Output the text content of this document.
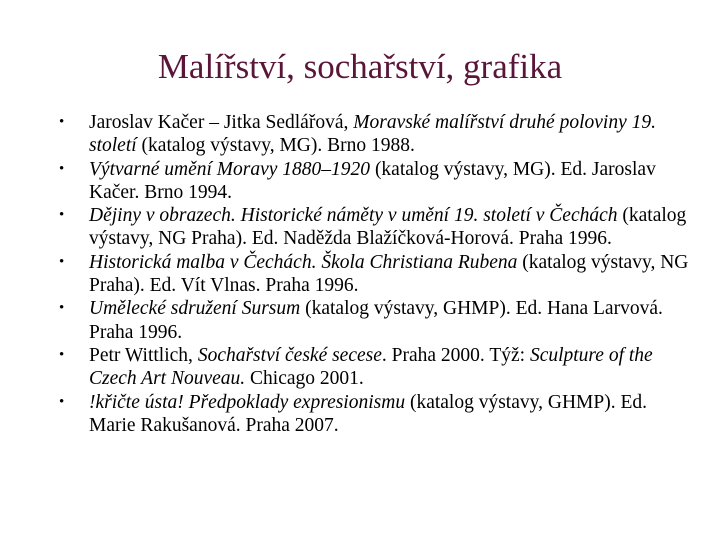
Malířství, sochařství, grafika
• Jaroslav Kačer – Jitka Sedlářová, Moravské malířství druhé poloviny 19. století (katalog výstavy, MG). Brno 1988.
• Výtvarné umění Moravy 1880–1920 (katalog výstavy, MG). Ed. Jaroslav Kačer. Brno 1994.
• Dějiny v obrazech. Historické náměty v umění 19. století v Čechách (katalog výstavy, NG Praha). Ed. Naděžda Blažíčková-Horová. Praha 1996.
• Historická malba v Čechách. Škola Christiana Rubena (katalog výstavy, NG Praha). Ed. Vít Vlnas. Praha 1996.
• Umělecké sdružení Sursum (katalog výstavy, GHMP). Ed. Hana Larvová. Praha 1996.
• Petr Wittlich, Sochařství české secese. Praha 2000. Týž: Sculpture of the Czech Art Nouveau. Chicago 2001.
• !křičte ústa! Předpoklady expresionismu (katalog výstavy, GHMP). Ed. Marie Rakušanová. Praha 2007.
